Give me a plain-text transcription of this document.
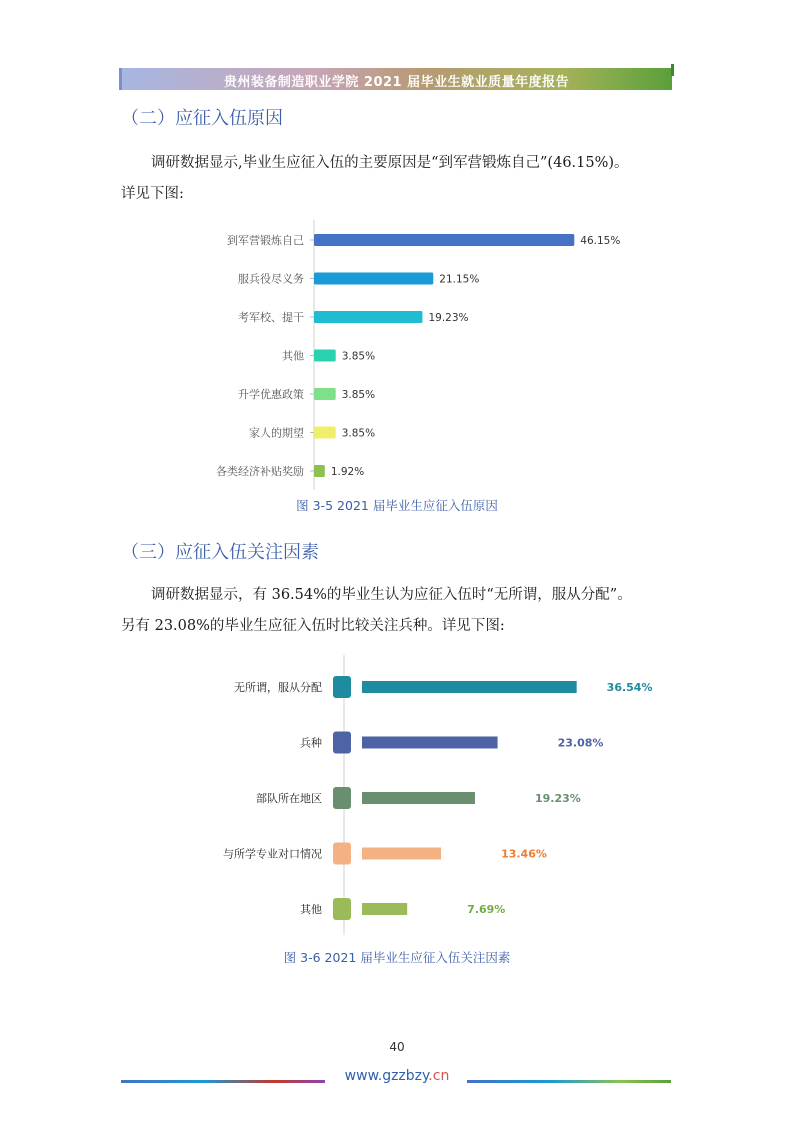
贵州装备制造职业学院 2021 届毕业生就业质量年度报告
（二）应征入伍原因
调研数据显示,毕业生应征入伍的主要原因是“到军营锻炼自己”(46.15%)。
详见下图:
到军营锻炼自己	46.15%
服兵役尽义务	21.15%
考军校、提干	19.23%
其他	3.85%
升学优惠政策	3.85%
家人的期望	3.85%
各类经济补贴奖励	1.92%
图 3-5 2021 届毕业生应征入伍原因
（三）应征入伍关注因素
调研数据显示，有 36.54%的毕业生认为应征入伍时“无所谓，服从分配”。
另有 23.08%的毕业生应征入伍时比较关注兵种。详见下图:
无所谓，服从分配	36.54%
兵种	23.08%
部队所在地区	19.23%
与所学专业对口情况	13.46%
其他	7.69%
图 3-6 2021 届毕业生应征入伍关注因素
40
www.gzzbzy.cn
